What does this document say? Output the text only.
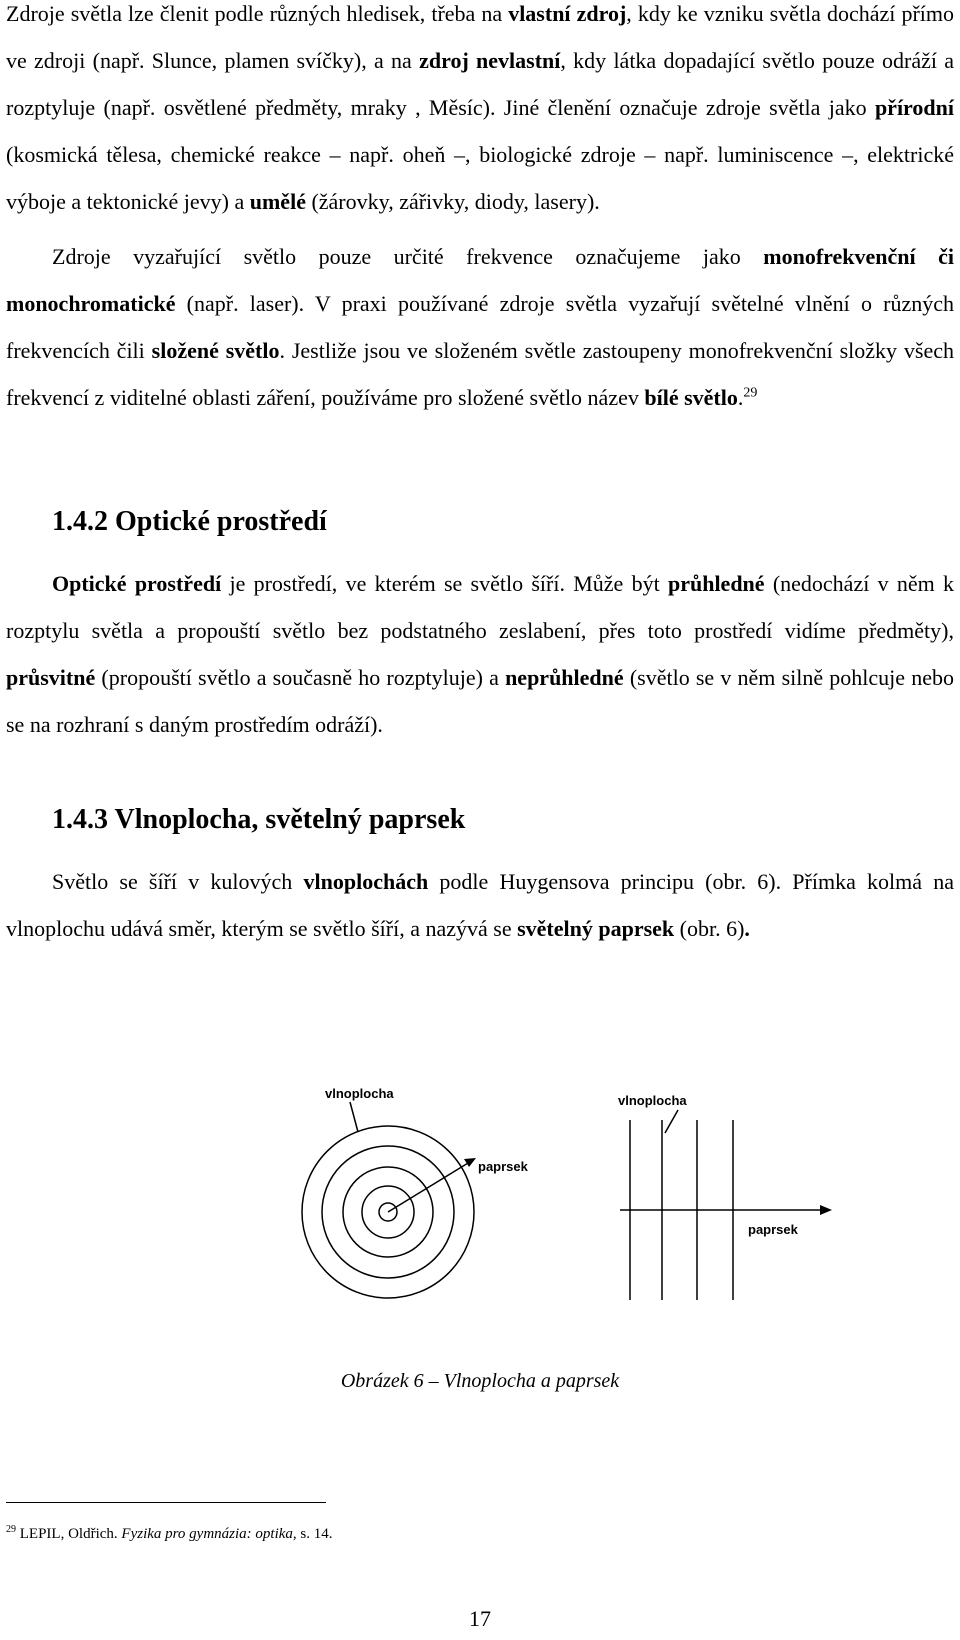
Zdroje světla lze členit podle různých hledisek, třeba na vlastní zdroj, kdy ke vzniku světla dochází přímo ve zdroji (např. Slunce, plamen svíčky), a na zdroj nevlastní, kdy látka dopadající světlo pouze odráží a rozptyluje (např. osvětlené předměty, mraky , Měsíc). Jiné členění označuje zdroje světla jako přírodní (kosmická tělesa, chemické reakce – např. oheň –, biologické zdroje – např. luminiscence –, elektrické výboje a tektonické jevy) a umělé (žárovky, zářivky, diody, lasery).

Zdroje vyzařující světlo pouze určité frekvence označujeme jako monofrekvenční či monochromatické (např. laser). V praxi používané zdroje světla vyzařují světelné vlnění o různých frekvencích čili složené světlo. Jestliže jsou ve složeném světle zastoupeny monofrekvenční složky všech frekvencí z viditelné oblasti záření, používáme pro složené světlo název bílé světlo.$^{29}$

1.4.2 Optické prostředí

Optické prostředí je prostředí, ve kterém se světlo šíří. Může být průhledné (nedochází v něm k rozptylu světla a propouští světlo bez podstatného zeslabení, přes toto prostředí vidíme předměty), průsvitné (propouští světlo a současně ho rozptyluje) a neprůhledné (světlo se v něm silně pohlcuje nebo se na rozhraní s daným prostředím odráží).

1.4.3 Vlnoplocha, světelný paprsek

Světlo se šíří v kulových vlnoplochách podle Huygensova principu (obr. 6). Přímka kolmá na vlnoplochu udává směr, kterým se světlo šíří, a nazývá se světelný paprsek (obr. 6).

vlnoplocha
paprsek
vlnoplocha
paprsek
Obrázek 6 – Vlnoplocha a paprsek
$^{29}$ LEPIL, Oldřich. Fyzika pro gymnázia: optika, s. 14.
17
